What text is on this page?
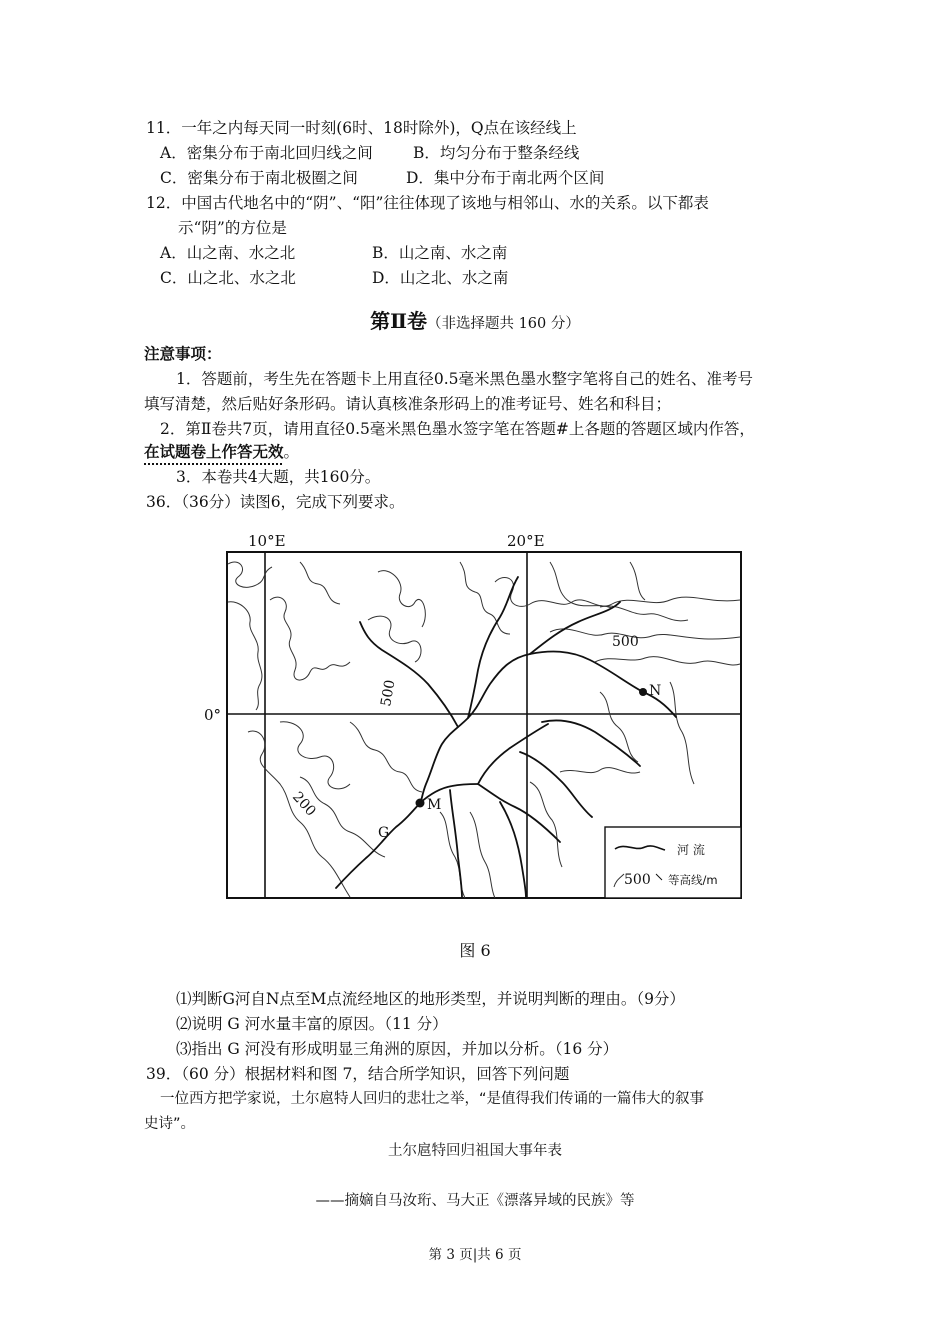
11．一年之内每天同一时刻(6时、18时除外)，Q点在该经线上
A．密集分布于南北回归线之间	B．均匀分布于整条经线
C．密集分布于南北极圈之间	D．集中分布于南北两个区间
12．中国古代地名中的“阴”、“阳”往往体现了该地与相邻山、水的关系。以下都表
示“阴”的方位是
A．山之南、水之北	B．山之南、水之南
C．山之北、水之北	D．山之北、水之南
第Ⅱ卷（非选择题共 160 分）
注意事项：
1．答题前，考生先在答题卡上用直径0.5毫米黑色墨水整字笔将自己的姓名、准考号
填写清楚，然后贴好条形码。请认真核准条形码上的准考证号、姓名和科目；
2．第Ⅱ卷共7页，请用直径0.5毫米黑色墨水签字笔在答题#上各题的答题区域内作答，
在试题卷上作答无效。
3．本卷共4大题，共160分。
36．（36分）读图6，完成下列要求。
河 流
500 等高线/m
10°E	20°E
0°
500
500
200
N
M
G
图 6
⑴判断G河自N点至M点流经地区的地形类型，并说明判断的理由。（9分）
⑵说明 G 河水量丰富的原因。（11 分）
⑶指出 G 河没有形成明显三角洲的原因，并加以分析。（16 分）
39．（60 分）根据材料和图 7，结合所学知识，回答下列问题
一位西方把学家说，土尔扈特人回归的悲壮之举，“是值得我们传诵的一篇伟大的叙事
史诗”。
土尔扈特回归祖国大事年表
——摘嫡自马汝珩、马大正《漂落异域的民族》等
第 3 页|共 6 页
